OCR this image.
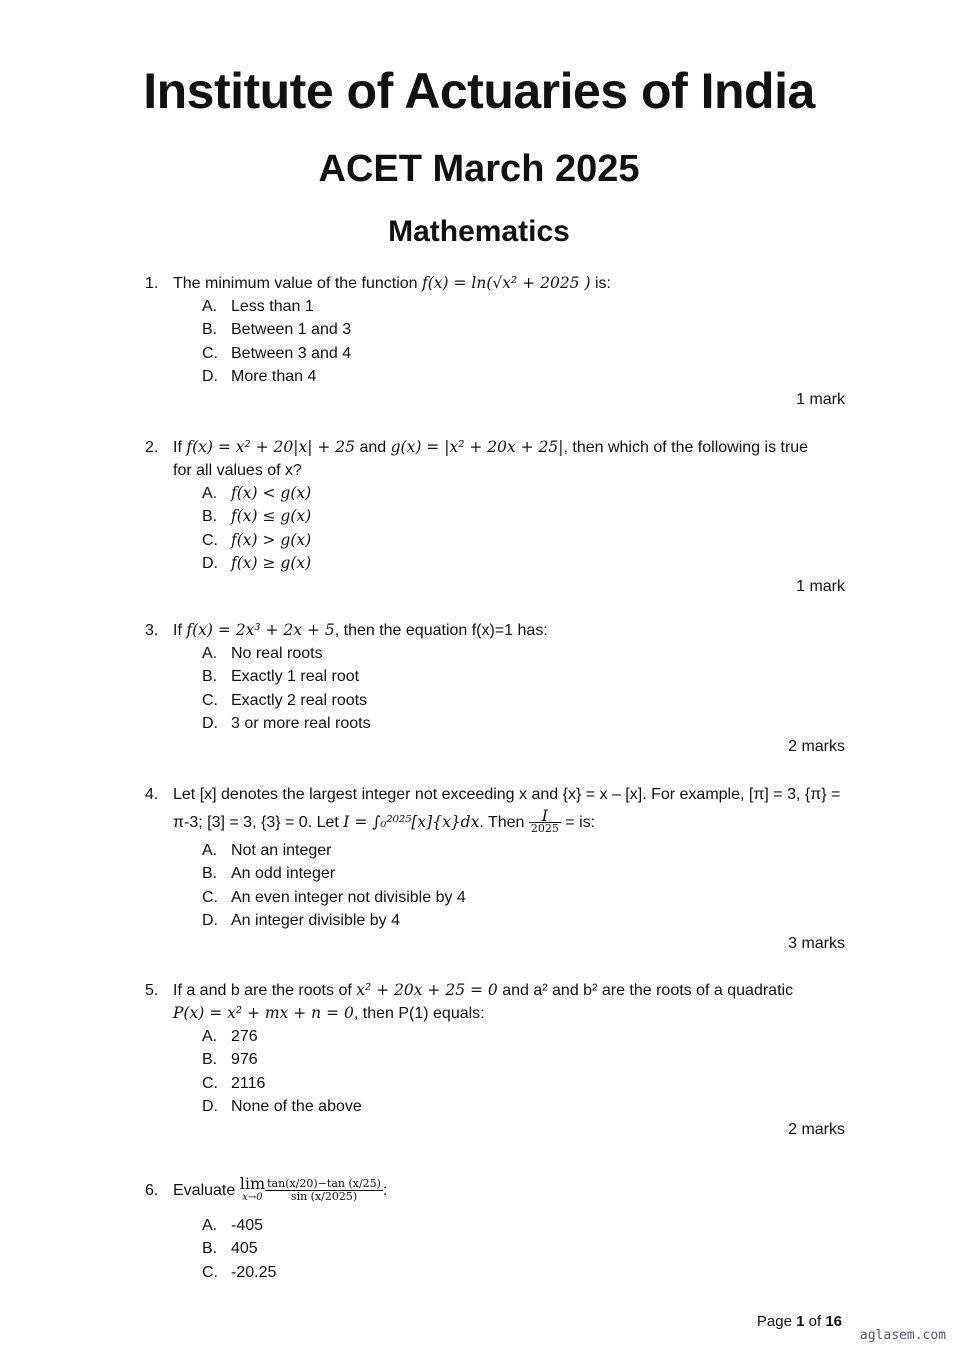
Institute of Actuaries of India
ACET March 2025
Mathematics
1. The minimum value of the function f(x) = ln(√x² + 2025 ) is:
A. Less than 1
B. Between 1 and 3
C. Between 3 and 4
D. More than 4
1 mark
2. If f(x) = x² + 20|x| + 25 and g(x) = |x² + 20x + 25|, then which of the following is true
for all values of x?
A. f(x) < g(x)
B. f(x) ≤ g(x)
C. f(x) > g(x)
D. f(x) ≥ g(x)
1 mark
3. If f(x) = 2x³ + 2x + 5, then the equation f(x)=1 has:
A. No real roots
B. Exactly 1 real root
C. Exactly 2 real roots
D. 3 or more real roots
2 marks
4. Let [x] denotes the largest integer not exceeding x and {x} = x – [x]. For example, [π] = 3, {π} =
π-3; [3] = 3, {3} = 0. Let I = ∫₀²⁰²⁵[x]{x}dx. Then $\frac{I}{2025}$ = is:
A. Not an integer
B. An odd integer
C. An even integer not divisible by 4
D. An integer divisible by 4
3 marks
5. If a and b are the roots of x² + 20x + 25 = 0 and a² and b² are the roots of a quadratic
P(x) = x² + mx + n = 0, then P(1) equals:
A. 276
B. 976
C. 2116
D. None of the above
2 marks
6. Evaluate lim
$x\to 0 \frac{\tan(x/20)-\tan (x/25)}{\sin (x/2025)}$ :
A. -405
B. 405
C. -20.25
Page 1 of 16
aglasem.com
